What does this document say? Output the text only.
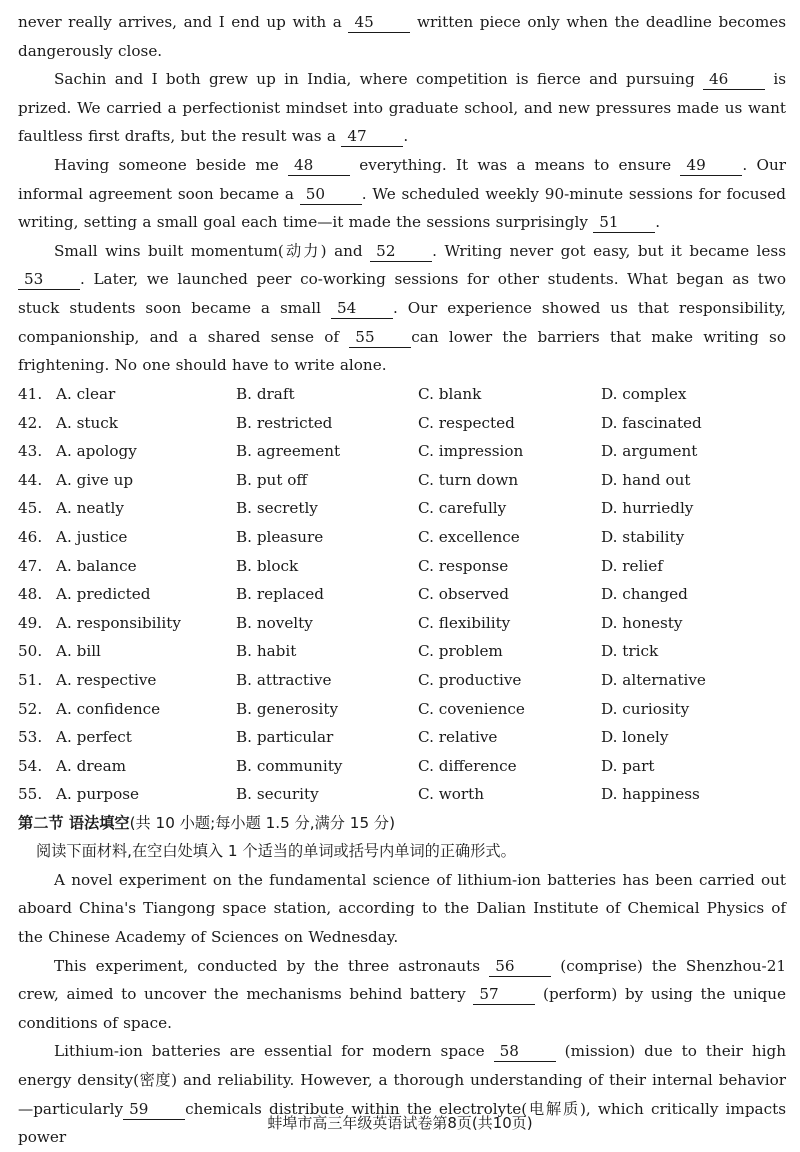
never really arrives, and I end up with a 45	written piece only when the deadline becomes dangerously close.

Sachin and I both grew up in India, where competition is fierce and pursuing 46	is prized. We carried a perfectionist mindset into graduate school, and new pressures made us want faultless first drafts, but the result was a 47 .

Having someone beside me 48	everything. It was a means to ensure 49 . Our informal agreement soon became a 50 . We scheduled weekly 90-minute sessions for focused writing, setting a small goal each time—it made the sessions surprisingly 51 .

Small wins built momentum(动力) and 52 . Writing never got easy, but it became less 53 . Later, we launched peer co-working sessions for other students. What began as two stuck students soon became a small 54 . Our experience showed us that responsibility, companionship, and a shared sense of 55 can lower the barriers that make writing so frightening. No one should have to write alone.

41. A. clear	B. draft	C. blank	D. complex
42. A. stuck	B. restricted	C. respected	D. fascinated
43. A. apology	B. agreement	C. impression	D. argument
44. A. give up	B. put off	C. turn down	D. hand out
45. A. neatly	B. secretly	C. carefully	D. hurriedly
46. A. justice	B. pleasure	C. excellence	D. stability
47. A. balance	B. block	C. response	D. relief
48. A. predicted	B. replaced	C. observed	D. changed
49. A. responsibility	B. novelty	C. flexibility	D. honesty
50. A. bill	B. habit	C. problem	D. trick
51. A. respective	B. attractive	C. productive	D. alternative
52. A. confidence	B. generosity	C. covenience	D. curiosity
53. A. perfect	B. particular	C. relative	D. lonely
54. A. dream	B. community	C. difference	D. part
55. A. purpose	B. security	C. worth	D. happiness
第二节 语法填空(共 10 小题;每小题 1.5 分,满分 15 分)
阅读下面材料,在空白处填入 1 个适当的单词或括号内单词的正确形式。

A novel experiment on the fundamental science of lithium-ion batteries has been carried out aboard China's Tiangong space station, according to the Dalian Institute of Chemical Physics of the Chinese Academy of Sciences on Wednesday.

This experiment, conducted by the three astronauts 56	(comprise) the Shenzhou-21 crew, aimed to uncover the mechanisms behind battery 57	(perform) by using the unique conditions of space.

Lithium-ion batteries are essential for modern space 58	(mission) due to their high energy density(密度) and reliability. However, a thorough understanding of their internal behavior—particularly 59 chemicals distribute within the electrolyte(电解质), which critically impacts power

蚌埠市高三年级英语试卷第8页(共10页)
